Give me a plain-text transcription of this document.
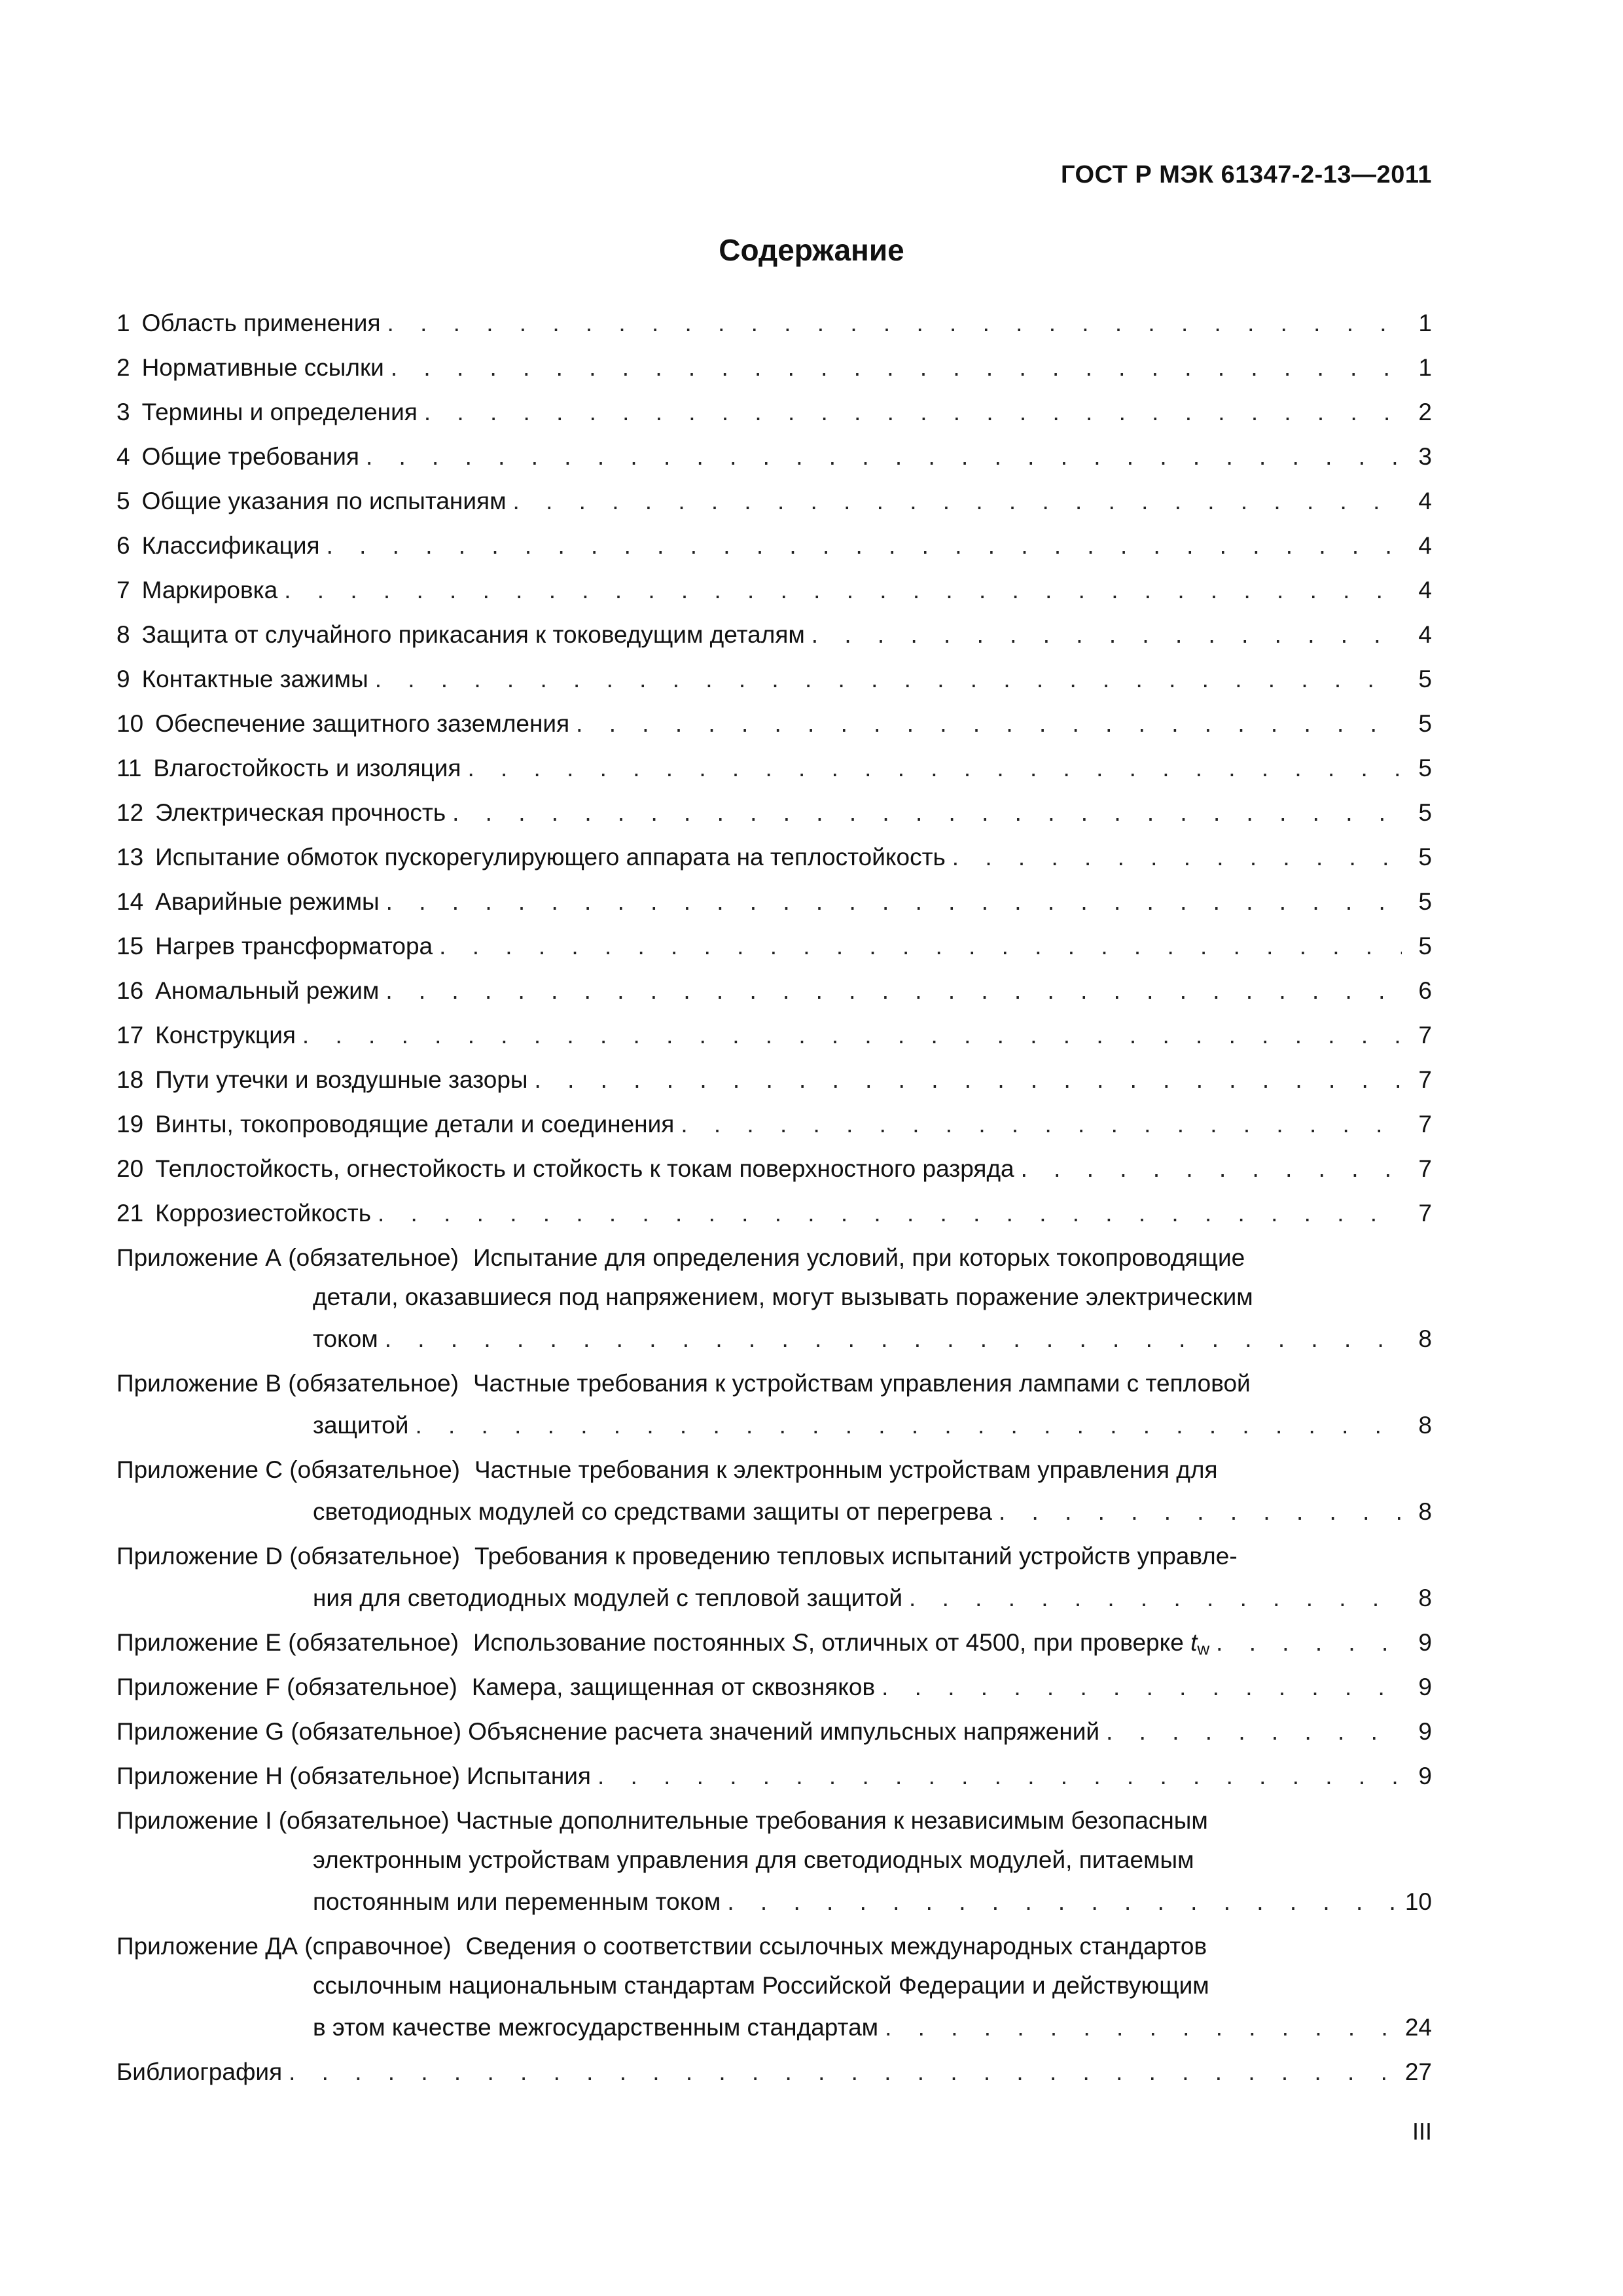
ГОСТ Р МЭК 61347-2-13—2011
Содержание
1 Область применения . . .	1
2 Нормативные ссылки . . .	1
3 Термины и определения . . .	2
4 Общие требования . . .	3
5 Общие указания по испытаниям . . .	4
6 Классификация . . .	4
7 Маркировка . . .	4
8 Защита от случайного прикасания к токоведущим деталям . . .	4
9 Контактные зажимы . . .	5
10 Обеспечение защитного заземления . . .	5
11 Влагостойкость и изоляция . . .	5
12 Электрическая прочность . . .	5
13 Испытание обмоток пускорегулирующего аппарата на теплостойкость . . .	5
14 Аварийные режимы . . .	5
15 Нагрев трансформатора . . .	5
16 Аномальный режим . . .	6
17 Конструкция . . .	7
18 Пути утечки и воздушные зазоры . . .	7
19 Винты, токопроводящие детали и соединения . . .	7
20 Теплостойкость, огнестойкость и стойкость к токам поверхностного разряда . . .	7
21 Коррозиестойкость . . .	7
Приложение А (обязательное) Испытание для определения условий, при которых токопроводящие
детали, оказавшиеся под напряжением, могут вызывать поражение электрическим
током . . .	8
Приложение В (обязательное) Частные требования к устройствам управления лампами с тепловой
защитой . . .	8
Приложение С (обязательное) Частные требования к электронным устройствам управления для
светодиодных модулей со средствами защиты от перегрева . . .	8
Приложение D (обязательное) Требования к проведению тепловых испытаний устройств управле-
ния для светодиодных модулей с тепловой защитой . . .	8
Приложение Е (обязательное) Использование постоянных S, отличных от 4500, при проверке tw . . .	9
Приложение F (обязательное) Камера, защищенная от сквозняков . . .	9
Приложение G (обязательное) Объяснение расчета значений импульсных напряжений . . .	9
Приложение H (обязательное) Испытания . . .	9
Приложение I (обязательное) Частные дополнительные требования к независимым безопасным
электронным устройствам управления для светодиодных модулей, питаемым
постоянным или переменным током . . .	10
Приложение ДА (справочное) Сведения о соответствии ссылочных международных стандартов
ссылочным национальным стандартам Российской Федерации и действующим
в этом качестве межгосударственным стандартам . . .	24
Библиография . . .	27
III
